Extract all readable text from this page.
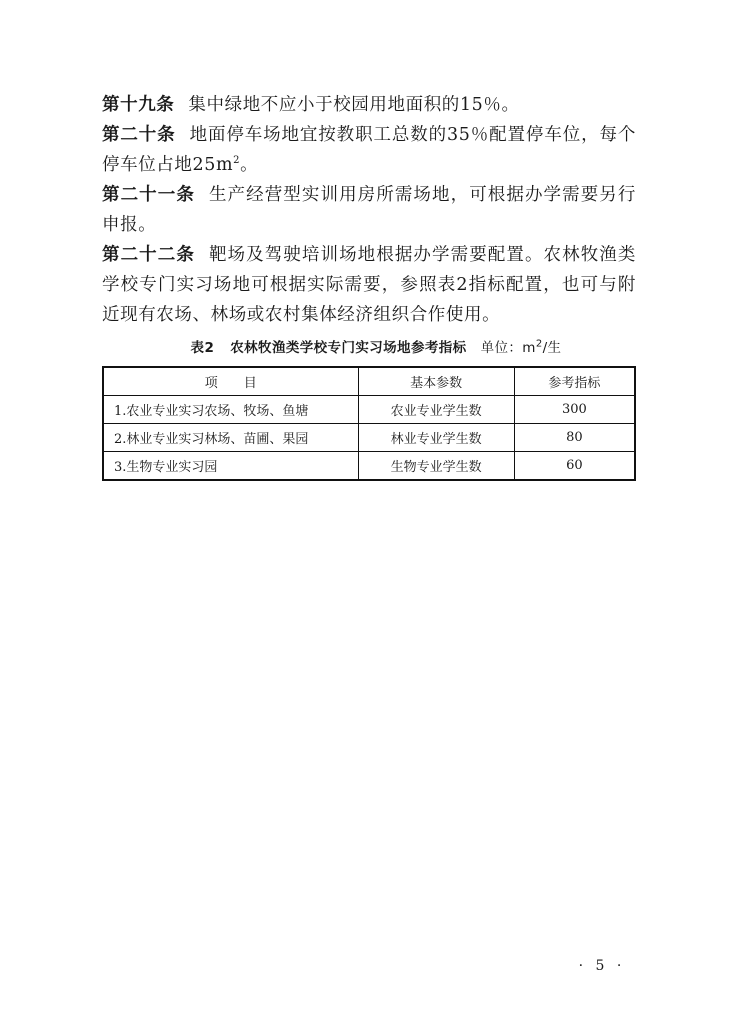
第十九条 集中绿地不应小于校园用地面积的15％。

第二十条 地面停车场地宜按教职工总数的35％配置停车位，每个停车位占地$25m^2$。

第二十一条 生产经营型实训用房所需场地，可根据办学需要另行申报。

第二十二条 靶场及驾驶培训场地根据办学需要配置。农林牧渔类学校专门实习场地可根据实际需要，参照表2指标配置，也可与附近现有农场、林场或农村集体经济组织合作使用。

表2 农林牧渔类学校专门实习场地参考指标 单位：$m^2/$生
项　　目	基本参数	参考指标
1.农业专业实习农场、牧场、鱼塘	农业专业学生数	300
2.林业专业实习林场、苗圃、果园	林业专业学生数	80
3.生物专业实习园	生物专业学生数	60
· 5 ·
